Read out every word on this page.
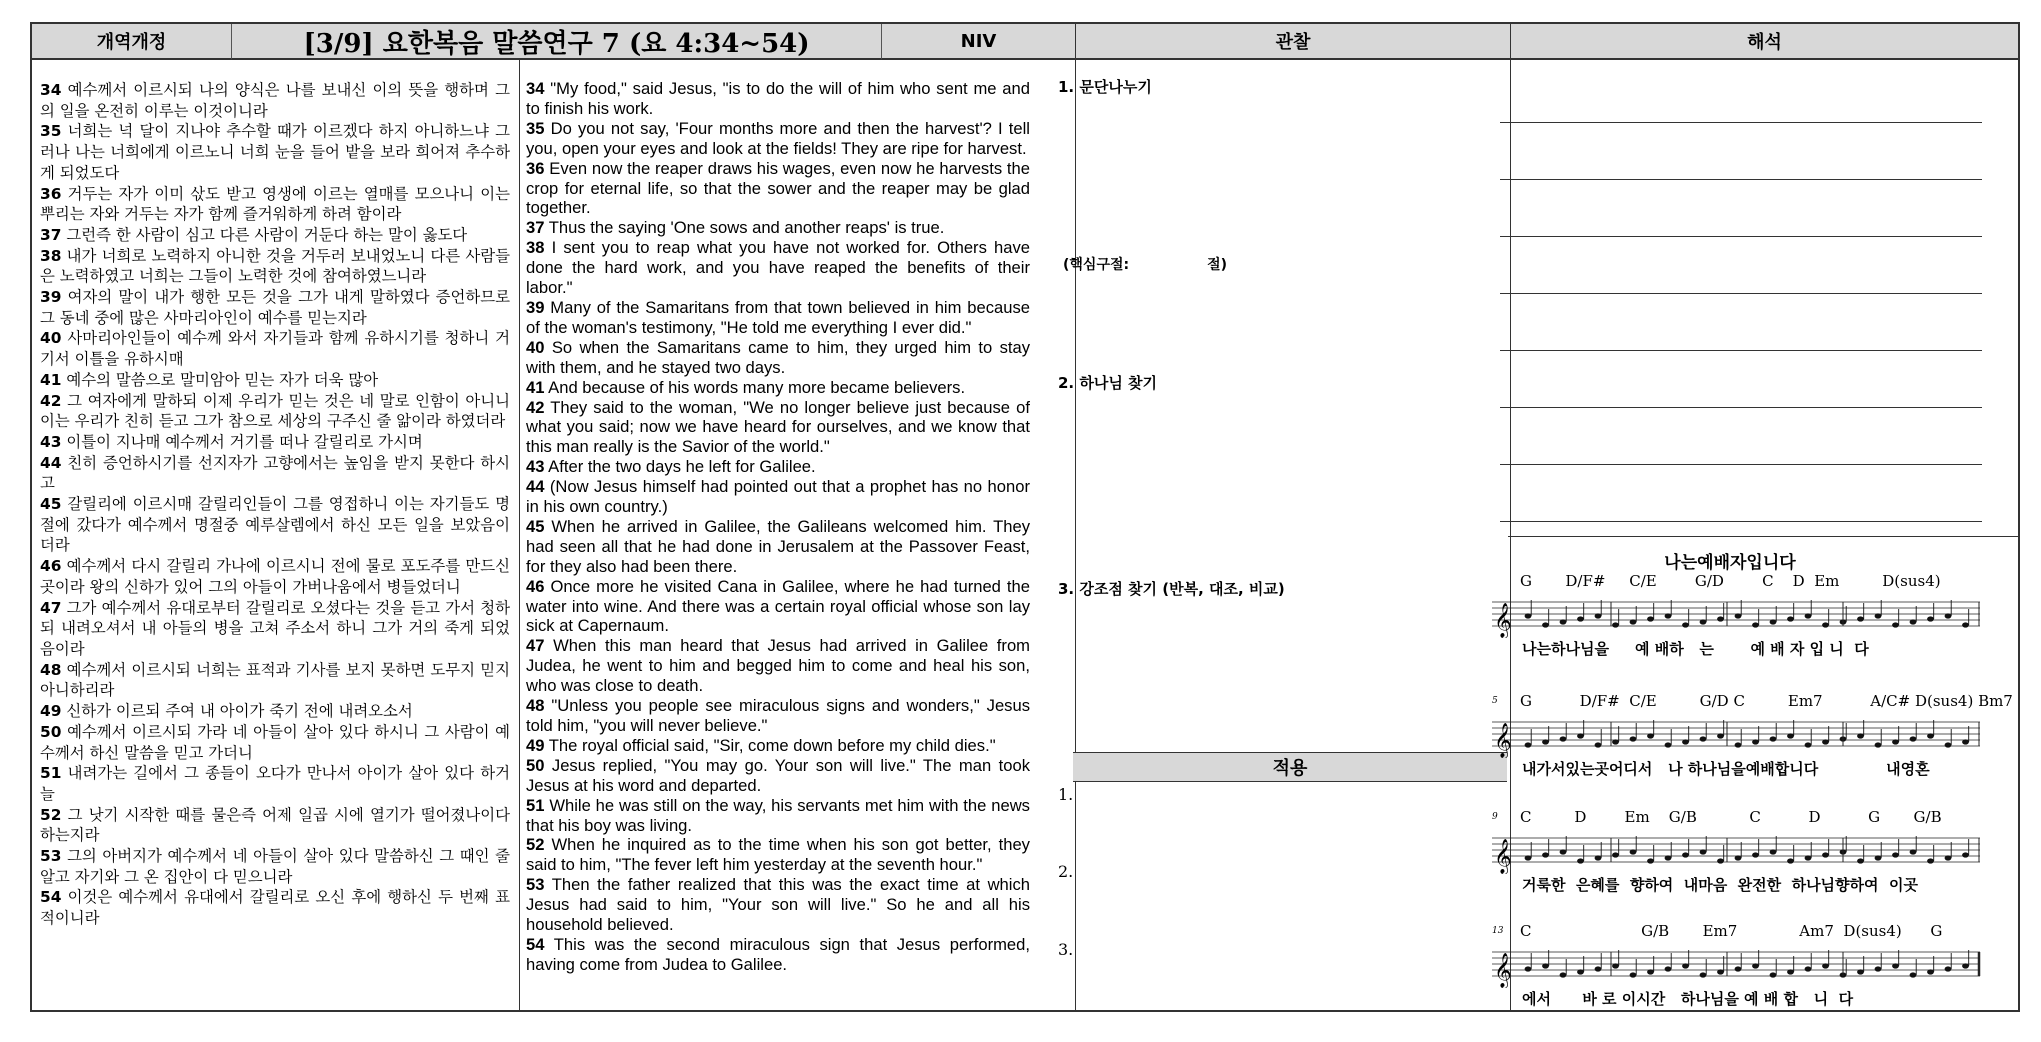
개역개정	[3/9] 요한복음 말씀연구 7 (요 4:34~54)	NIV	관찰	해석
34 예수께서 이르시되 나의 양식은 나를 보내신 이의 뜻을 행하며 그의 일을 온전히 이루는 이것이니라
35 너희는 넉 달이 지나야 추수할 때가 이르겠다 하지 아니하느냐 그러나 나는 너희에게 이르노니 너희 눈을 들어 밭을 보라 희어져 추수하게 되었도다
36 거두는 자가 이미 삯도 받고 영생에 이르는 열매를 모으나니 이는 뿌리는 자와 거두는 자가 함께 즐거워하게 하려 함이라
37 그런즉 한 사람이 심고 다른 사람이 거둔다 하는 말이 옳도다
38 내가 너희로 노력하지 아니한 것을 거두러 보내었노니 다른 사람들은 노력하였고 너희는 그들이 노력한 것에 참여하였느니라
39 여자의 말이 내가 행한 모든 것을 그가 내게 말하였다 증언하므로 그 동네 중에 많은 사마리아인이 예수를 믿는지라
40 사마리아인들이 예수께 와서 자기들과 함께 유하시기를 청하니 거기서 이틀을 유하시매
41 예수의 말씀으로 말미암아 믿는 자가 더욱 많아
42 그 여자에게 말하되 이제 우리가 믿는 것은 네 말로 인함이 아니니 이는 우리가 친히 듣고 그가 참으로 세상의 구주신 줄 앎이라 하였더라
43 이틀이 지나매 예수께서 거기를 떠나 갈릴리로 가시며
44 친히 증언하시기를 선지자가 고향에서는 높임을 받지 못한다 하시고
45 갈릴리에 이르시매 갈릴리인들이 그를 영접하니 이는 자기들도 명절에 갔다가 예수께서 명절중 예루살렘에서 하신 모든 일을 보았음이더라
46 예수께서 다시 갈릴리 가나에 이르시니 전에 물로 포도주를 만드신 곳이라 왕의 신하가 있어 그의 아들이 가버나움에서 병들었더니
47 그가 예수께서 유대로부터 갈릴리로 오셨다는 것을 듣고 가서 청하되 내려오셔서 내 아들의 병을 고쳐 주소서 하니 그가 거의 죽게 되었음이라
48 예수께서 이르시되 너희는 표적과 기사를 보지 못하면 도무지 믿지 아니하리라
49 신하가 이르되 주여 내 아이가 죽기 전에 내려오소서
50 예수께서 이르시되 가라 네 아들이 살아 있다 하시니 그 사람이 예수께서 하신 말씀을 믿고 가더니
51 내려가는 길에서 그 종들이 오다가 만나서 아이가 살아 있다 하거늘
52 그 낫기 시작한 때를 물은즉 어제 일곱 시에 열기가 떨어졌나이다 하는지라
53 그의 아버지가 예수께서 네 아들이 살아 있다 말씀하신 그 때인 줄 알고 자기와 그 온 집안이 다 믿으니라
54 이것은 예수께서 유대에서 갈릴리로 오신 후에 행하신 두 번째 표적이니라
34 "My food," said Jesus, "is to do the will of him who sent me and to finish his work.
35 Do you not say, 'Four months more and then the harvest'? I tell you, open your eyes and look at the fields! They are ripe for harvest.
36 Even now the reaper draws his wages, even now he harvests the crop for eternal life, so that the sower and the reaper may be glad together.
37 Thus the saying 'One sows and another reaps' is true.
38 I sent you to reap what you have not worked for. Others have done the hard work, and you have reaped the benefits of their labor."
39 Many of the Samaritans from that town believed in him because of the woman's testimony, "He told me everything I ever did."
40 So when the Samaritans came to him, they urged him to stay with them, and he stayed two days.
41 And because of his words many more became believers.
42 They said to the woman, "We no longer believe just because of what you said; now we have heard for ourselves, and we know that this man really is the Savior of the world."
43 After the two days he left for Galilee.
44 (Now Jesus himself had pointed out that a prophet has no honor in his own country.)
45 When he arrived in Galilee, the Galileans welcomed him. They had seen all that he had done in Jerusalem at the Passover Feast, for they also had been there.
46 Once more he visited Cana in Galilee, where he had turned the water into wine. And there was a certain royal official whose son lay sick at Capernaum.
47 When this man heard that Jesus had arrived in Galilee from Judea, he went to him and begged him to come and heal his son, who was close to death.
48 "Unless you people see miraculous signs and wonders," Jesus told him, "you will never believe."
49 The royal official said, "Sir, come down before my child dies."
50 Jesus replied, "You may go. Your son will live." The man took Jesus at his word and departed.
51 While he was still on the way, his servants met him with the news that his boy was living.
52 When he inquired as to the time when his son got better, they said to him, "The fever left him yesterday at the seventh hour."
53 Then the father realized that this was the exact time at which Jesus had said to him, "Your son will live." So he and all his household believed.
54 This was the second miraculous sign that Jesus performed, having come from Judea to Galilee.
1. 문단나누기
(핵심구절:	절)
2. 하나님 찾기
3. 강조점 찾기 (반복, 대조, 비교)
적용
1.
2.
3.
나는예배자입니다
G       D/F#     C/E        G/D        C    D  Em         D(sus4)
𝄞
나는하나님을     예 배하   는       예 배 자 입 니  다
5 G          D/F#  C/E         G/D C         Em7          A/C# D(sus4) Bm7
𝄞
내가서있는곳어디서   나 하나님을예배합니다             내영혼
9 C         D        Em    G/B           C          D          G       G/B
𝄞
거룩한  은혜를  향하여  내마음  완전한  하나님향하여  이곳
13 C                       G/B       Em7             Am7  D(sus4)      G
𝄞
에서      바 로 이시간   하나님을 예 배 합   니  다
